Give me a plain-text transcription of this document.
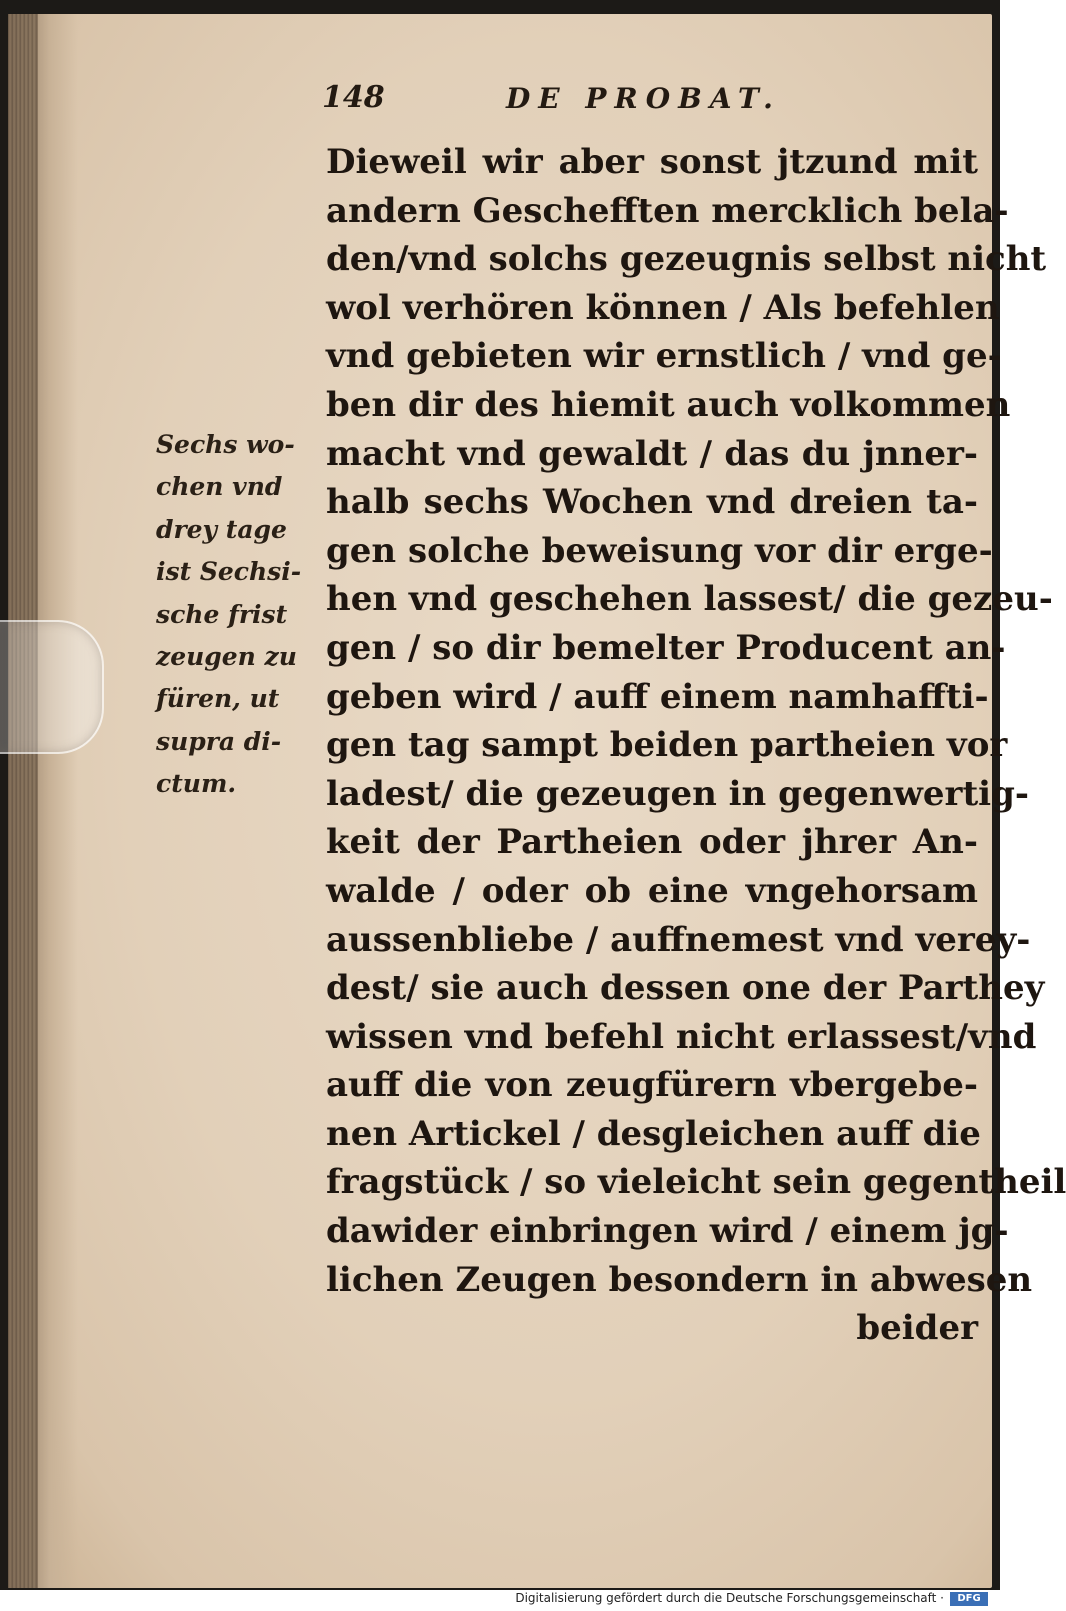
148	DE PROBAT.
Sechs wo-
chen vnd
drey tage
ist Sechsi-
sche frist
zeugen zu
füren, ut
supra di-
ctum.
Dieweil wir aber sonst jtzund mit
andern Geschefften mercklich bela-
den/vnd solchs gezeugnis selbst nicht
wol verhören können / Als befehlen
vnd gebieten wir ernstlich / vnd ge-
ben dir des hiemit auch volkommen
macht vnd gewaldt / das du jnner-
halb sechs Wochen vnd dreien ta-
gen solche beweisung vor dir erge-
hen vnd geschehen lassest/ die gezeu-
gen / so dir bemelter Producent an-
geben wird / auff einem namhaffti-
gen tag sampt beiden partheien vor
ladest/ die gezeugen in gegenwertig-
keit der Partheien oder jhrer An-
walde / oder ob eine vngehorsam
aussenbliebe / auffnemest vnd verey-
dest/ sie auch dessen one der Parthey
wissen vnd befehl nicht erlassest/vnd
auff die von zeugfürern vbergebe-
nen Artickel / desgleichen auff die
fragstück / so vieleicht sein gegentheil
dawider einbringen wird / einem jg-
lichen Zeugen besondern in abwesen
beider
Digitalisierung gefördert durch die Deutsche Forschungsgemeinschaft ·	DFG
